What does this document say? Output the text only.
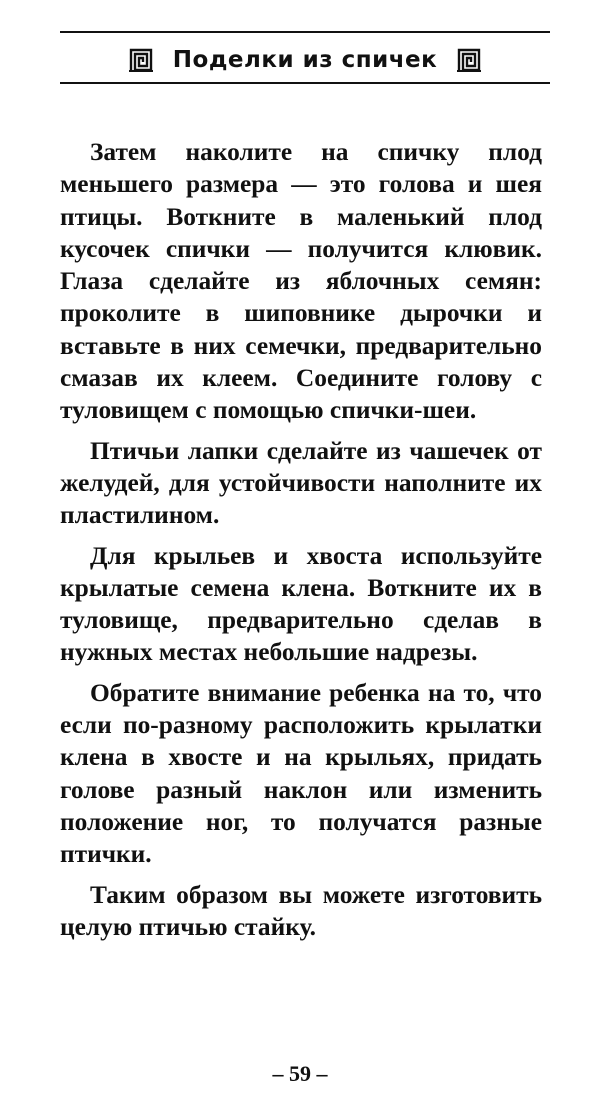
Поделки из спичек

Затем наколите на спичку плод меньшего размера — это голова и шея птицы. Воткните в маленький плод кусочек спички — получится клювик. Глаза сделайте из яблочных семян: проколите в шиповнике дырочки и вставьте в них семечки, предварительно смазав их клеем. Соедините голову с туловищем с помощью спички-шеи.

Птичьи лапки сделайте из чашечек от желудей, для устойчивости наполните их пластилином.

Для крыльев и хвоста используйте крылатые семена клена. Воткните их в туловище, предварительно сделав в нужных местах небольшие надрезы.

Обратите внимание ребенка на то, что если по-разному расположить крылатки клена в хвосте и на крыльях, придать голове разный наклон или изменить положение ног, то получатся разные птички.

Таким образом вы можете изготовить целую птичью стайку.

– 59 –
